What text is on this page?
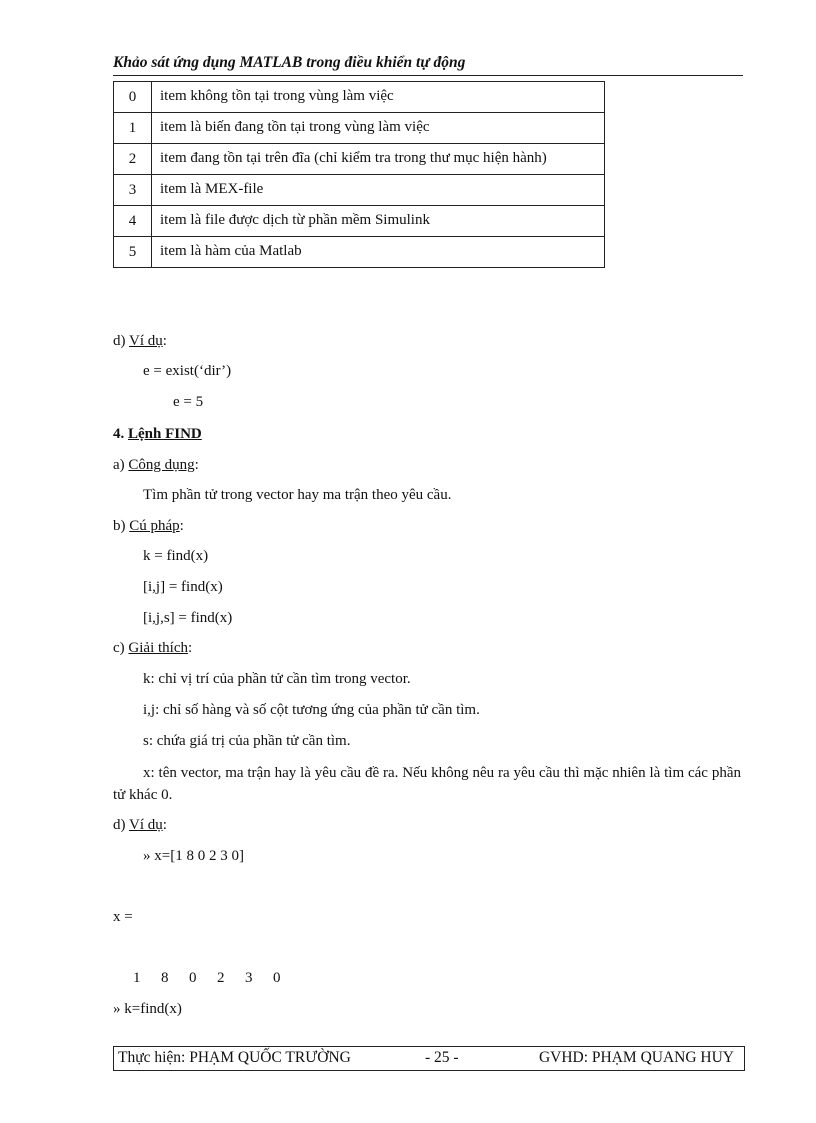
Khảo sát ứng dụng MATLAB trong điều khiển tự động
0	item không tồn tại trong vùng làm việc
1	item là biến đang tồn tại trong vùng làm việc
2	item đang tồn tại trên đĩa (chỉ kiểm tra trong thư mục hiện hành)
3	item là MEX-file
4	item là file được dịch từ phần mềm Simulink
5	item là hàm của Matlab
d) Ví dụ:
e = exist(‘dir’)
e = 5
4. Lệnh FIND
a) Công dụng:
Tìm phần tử trong vector hay ma trận theo yêu cầu.
b) Cú pháp:
k = find(x)
[i,j] = find(x)
[i,j,s] = find(x)
c) Giải thích:
k: chỉ vị trí của phần tử cần tìm trong vector.
i,j: chỉ số hàng và số cột tương ứng của phần tử cần tìm.
s: chứa giá trị của phần tử cần tìm.
x: tên vector, ma trận hay là yêu cầu đề ra. Nếu không nêu ra yêu cầu thì mặc nhiên là tìm các phần tử khác 0.
d) Ví dụ:
» x=[1 8 0 2 3 0]
x =
1 8 0 2 3 0
» k=find(x)
Thực hiện: PHẠM QUỐC TRƯỜNG	- 25 -	GVHD: PHẠM QUANG HUY
